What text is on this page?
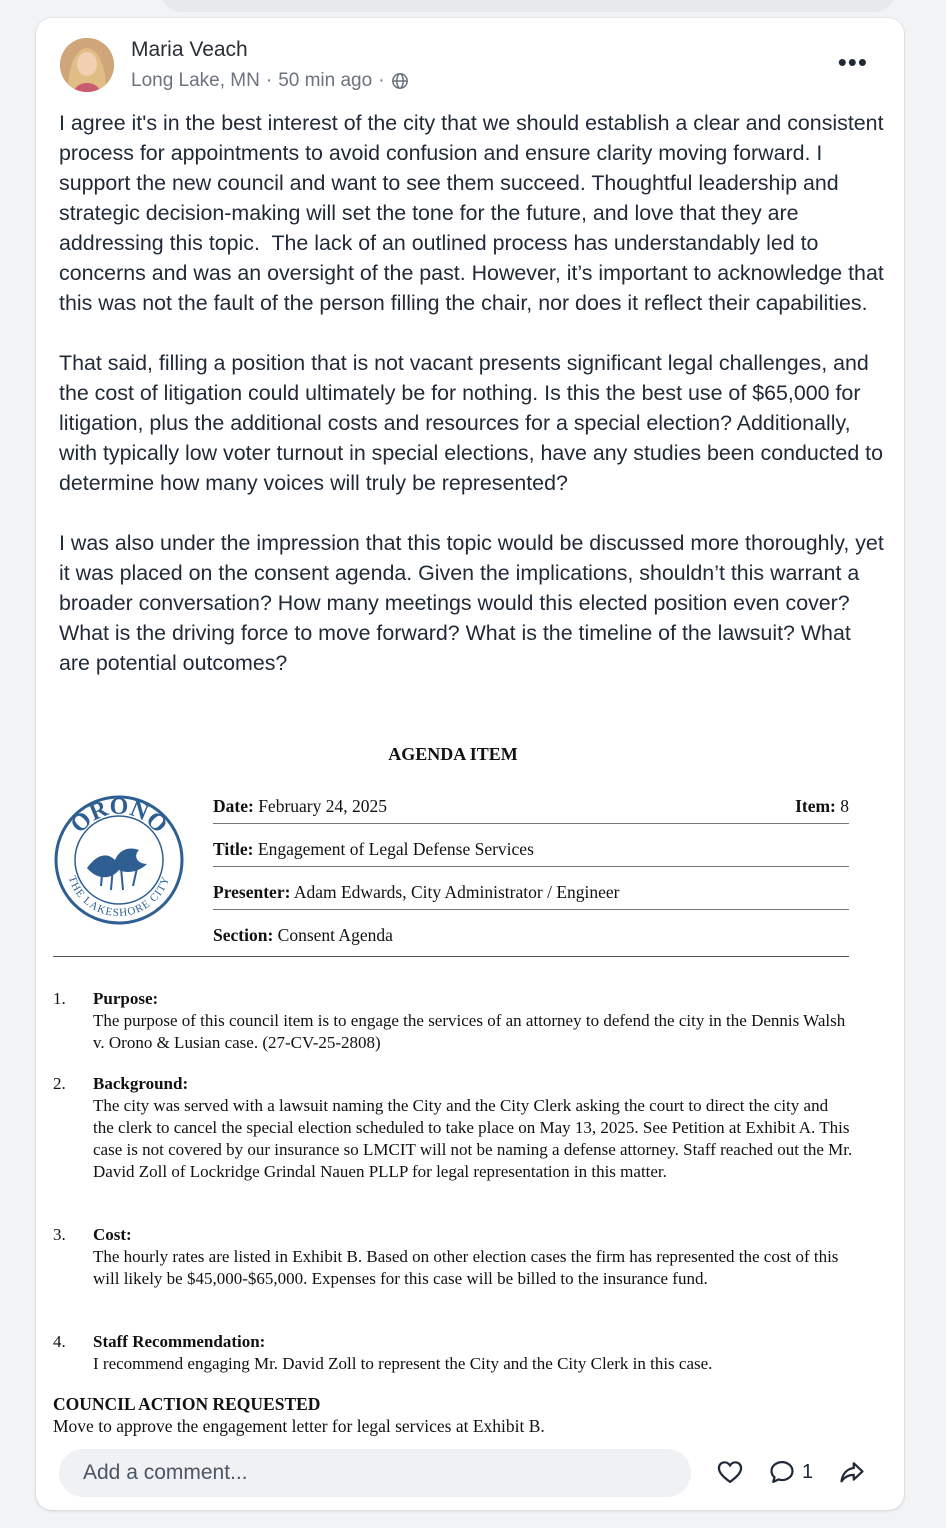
Maria Veach
Long Lake, MN · 50 min ago ·
•••

I agree it's in the best interest of the city that we should establish a clear and consistent process for appointments to avoid confusion and ensure clarity moving forward. I support the new council and want to see them succeed. Thoughtful leadership and strategic decision-making will set the tone for the future, and love that they are addressing this topic.  The lack of an outlined process has understandably led to concerns and was an oversight of the past. However, it’s important to acknowledge that this was not the fault of the person filling the chair, nor does it reflect their capabilities.

That said, filling a position that is not vacant presents significant legal challenges, and the cost of litigation could ultimately be for nothing. Is this the best use of $65,000 for litigation, plus the additional costs and resources for a special election? Additionally, with typically low voter turnout in special elections, have any studies been conducted to determine how many voices will truly be represented?

I was also under the impression that this topic would be discussed more thoroughly, yet it was placed on the consent agenda. Given the implications, shouldn’t this warrant a broader conversation? How many meetings would this elected position even cover? What is the driving force to move forward? What is the timeline of the lawsuit? What are potential outcomes?

AGENDA ITEM
ORONO
THE LAKESHORE CITY
Date: February 24, 2025	Item: 8
Title: Engagement of Legal Defense Services
Presenter: Adam Edwards, City Administrator / Engineer
Section: Consent Agenda
1. Purpose:
The purpose of this council item is to engage the services of an attorney to defend the city in the Dennis Walsh v. Orono & Lusian case. (27-CV-25-2808)
2. Background:
The city was served with a lawsuit naming the City and the City Clerk asking the court to direct the city and the clerk to cancel the special election scheduled to take place on May 13, 2025. See Petition at Exhibit A. This case is not covered by our insurance so LMCIT will not be naming a defense attorney. Staff reached out the Mr. David Zoll of Lockridge Grindal Nauen PLLP for legal representation in this matter.
3. Cost:
The hourly rates are listed in Exhibit B. Based on other election cases the firm has represented the cost of this will likely be $45,000-$65,000. Expenses for this case will be billed to the insurance fund.
4. Staff Recommendation:
I recommend engaging Mr. David Zoll to represent the City and the City Clerk in this case.
COUNCIL ACTION REQUESTED
Move to approve the engagement letter for legal services at Exhibit B.
Add a comment...	1
